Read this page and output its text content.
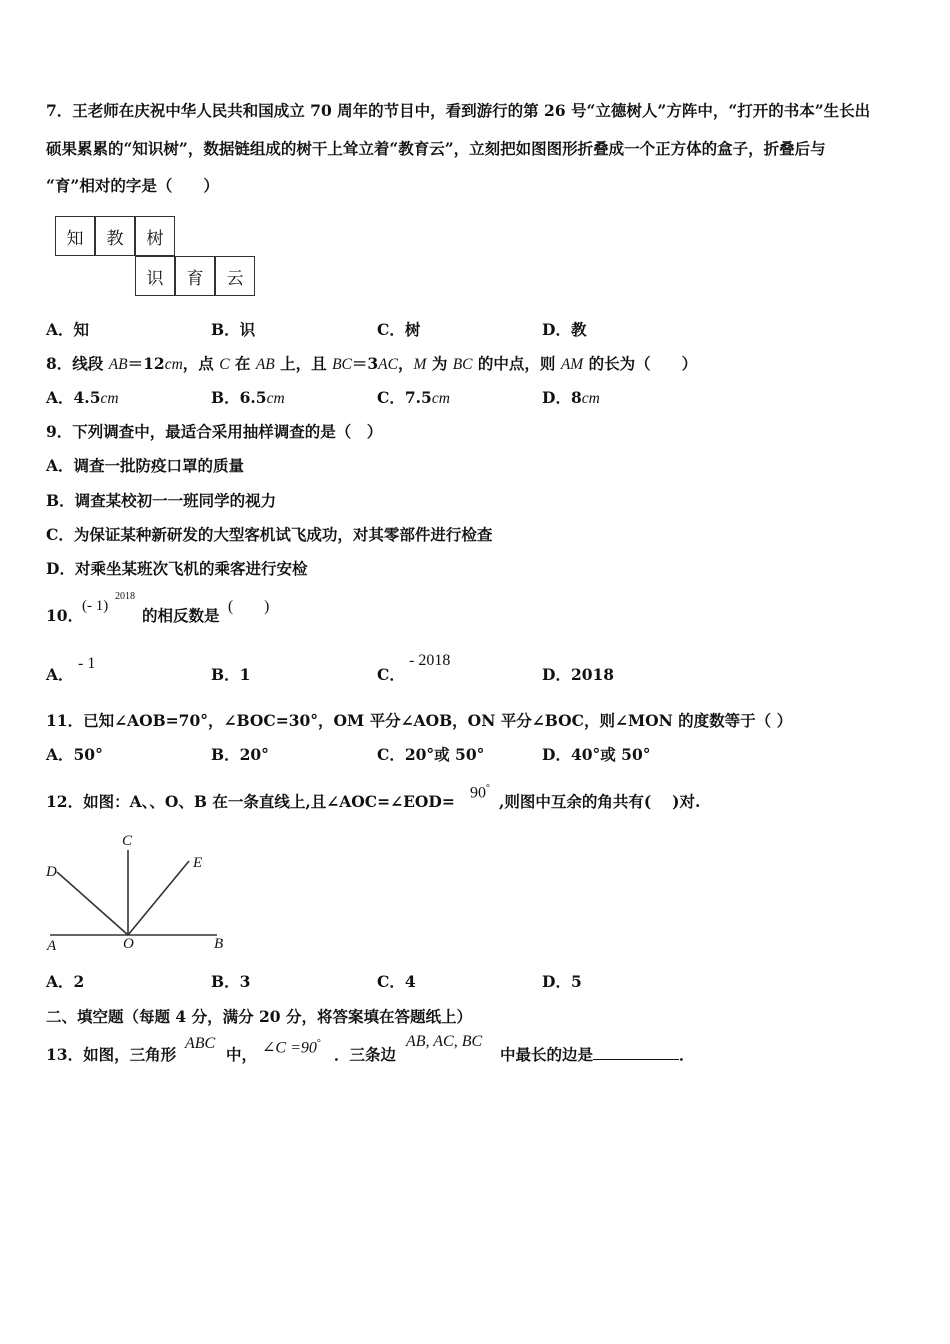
7．王老师在庆祝中华人民共和国成立 70 周年的节目中，看到游行的第 26 号“立德树人”方阵中，“打开的书本”生长出
硕果累累的“知识树”，数据链组成的树干上耸立着“教育云”，立刻把如图图形折叠成一个正方体的盒子，折叠后与
“育”相对的字是（　　）
知	教	树
识	育	云
A．知	B．识	C．树	D．教
8．线段 AB＝12cm，点 C 在 AB 上，且 BC＝3AC，M 为 BC 的中点，则 AM 的长为（　　）
A．4.5cm	B．6.5cm	C．7.5cm	D．8cm
9．下列调查中，最适合采用抽样调查的是（　）
A．调查一批防疫口罩的质量
B．调查某校初一一班同学的视力
C．为保证某种新研发的大型客机试飞成功，对其零部件进行检查
D．对乘坐某班次飞机的乘客进行安检
10．
(- 1)
2018
的相反数是 (　　)
A．
- 1
B．1	C．
- 2018
D．2018
11．已知∠AOB=70°，∠BOC=30°，OM 平分∠AOB，ON 平分∠BOC，则∠MON 的度数等于（ ）
A．50°	B．20°	C．20°或 50°	D．40°或 50°
12．如图：A、、O、B 在一条直线上,且∠AOC=∠EOD= 90°
,则图中互余的角共有(　 )对.
A	B
C
D
E
O
A．2	B．3	C．4	D．5
二、填空题（每题 4 分，满分 20 分，将答案填在答题纸上）
13．如图，三角形
ABC
中， ∠C =90°
．三条边
AB, AC, BC
中最长的边是	．
